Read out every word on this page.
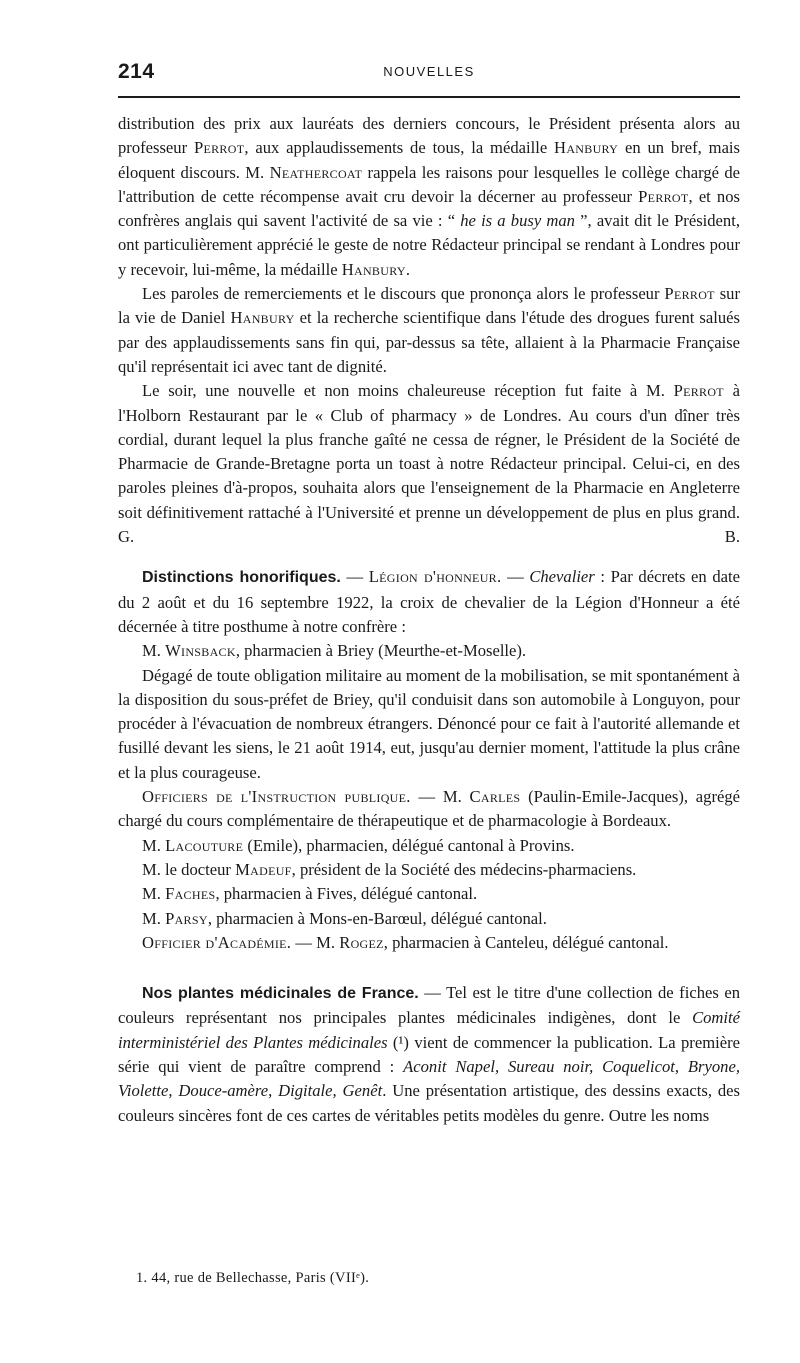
214	NOUVELLES

distribution des prix aux lauréats des derniers concours, le Président présenta alors au professeur Perrot, aux applaudissements de tous, la médaille Hanbury en un bref, mais éloquent discours. M. Neathercoat rappela les raisons pour lesquelles le collège chargé de l'attribution de cette récompense avait cru devoir la décerner au professeur Perrot, et nos confrères anglais qui savent l'activité de sa vie : “ he is a busy man ”, avait dit le Président, ont particulièrement apprécié le geste de notre Rédacteur principal se rendant à Londres pour y recevoir, lui-même, la médaille Hanbury.

Les paroles de remerciements et le discours que prononça alors le professeur Perrot sur la vie de Daniel Hanbury et la recherche scientifique dans l'étude des drogues furent salués par des applaudissements sans fin qui, par-dessus sa tête, allaient à la Pharmacie Française qu'il représentait ici avec tant de dignité.

Le soir, une nouvelle et non moins chaleureuse réception fut faite à M. Perrot à l'Holborn Restaurant par le « Club of pharmacy » de Londres. Au cours d'un dîner très cordial, durant lequel la plus franche gaîté ne cessa de régner, le Président de la Société de Pharmacie de Grande-Bretagne porta un toast à notre Rédacteur principal. Celui-ci, en des paroles pleines d'à-propos, souhaita alors que l'enseignement de la Pharmacie en Angleterre soit définitivement rattaché à l'Université et prenne un développement de plus en plus grand. G. B.

Distinctions honorifiques. — Légion d'honneur. — Chevalier : Par décrets en date du 2 août et du 16 septembre 1922, la croix de chevalier de la Légion d'Honneur a été décernée à titre posthume à notre confrère :

M. Winsback, pharmacien à Briey (Meurthe-et-Moselle).

Dégagé de toute obligation militaire au moment de la mobilisation, se mit spontanément à la disposition du sous-préfet de Briey, qu'il conduisit dans son automobile à Longuyon, pour procéder à l'évacuation de nombreux étrangers. Dénoncé pour ce fait à l'autorité allemande et fusillé devant les siens, le 21 août 1914, eut, jusqu'au dernier moment, l'attitude la plus crâne et la plus courageuse.

Officiers de l'Instruction publique. — M. Carles (Paulin-Emile-Jacques), agrégé chargé du cours complémentaire de thérapeutique et de pharmacologie à Bordeaux.

M. Lacouture (Emile), pharmacien, délégué cantonal à Provins.

M. le docteur Madeuf, président de la Société des médecins-pharmaciens.

M. Faches, pharmacien à Fives, délégué cantonal.

M. Parsy, pharmacien à Mons-en-Barœul, délégué cantonal.

Officier d'Académie. — M. Rogez, pharmacien à Canteleu, délégué cantonal.

Nos plantes médicinales de France. — Tel est le titre d'une collection de fiches en couleurs représentant nos principales plantes médicinales indigènes, dont le Comité interministériel des Plantes médicinales (¹) vient de commencer la publication. La première série qui vient de paraître comprend : Aconit Napel, Sureau noir, Coquelicot, Bryone, Violette, Douce-amère, Digitale, Genêt. Une présentation artistique, des dessins exacts, des couleurs sincères font de ces cartes de véritables petits modèles du genre. Outre les noms

1. 44, rue de Bellechasse, Paris (VIIᵉ).
